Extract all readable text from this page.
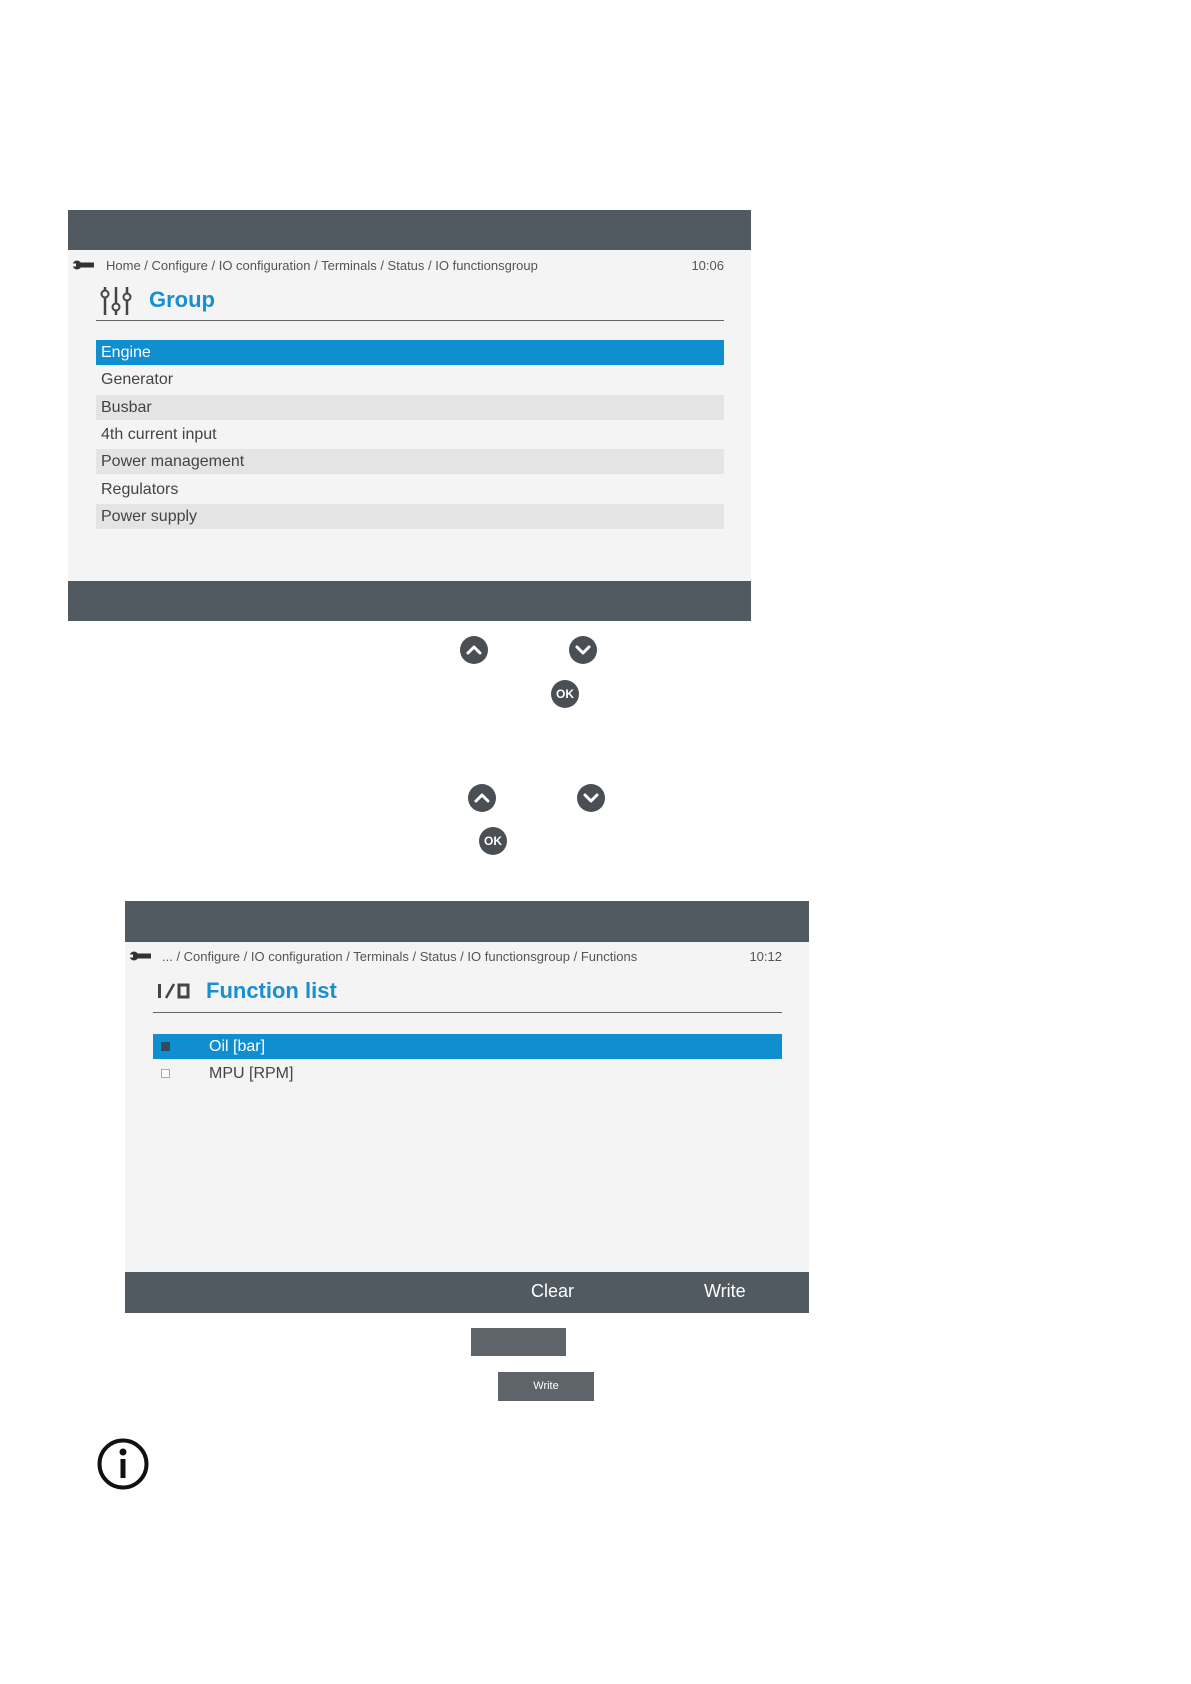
Home / Configure / IO configuration / Terminals / Status / IO functionsgroup	10:06
Group
Engine
Generator
Busbar
4th current input
Power management
Regulators
Power supply
OK
OK
... / Configure / IO configuration / Terminals / Status / IO functionsgroup / Functions	10:12
Function list
Oil [bar]
MPU [RPM]
Clear	Write
Write
